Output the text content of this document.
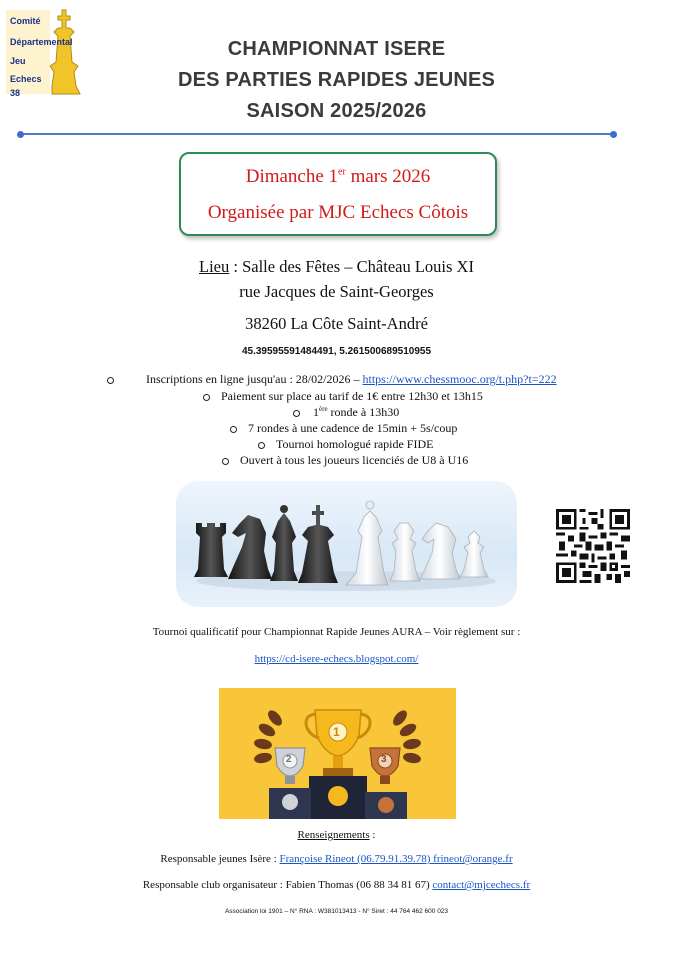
Comité
Départemental
Jeu
Echecs
38
CHAMPIONNAT ISERE
DES PARTIES RAPIDES JEUNES
SAISON 2025/2026
Dimanche 1er mars 2026
Organisée par MJC Echecs Côtois
Lieu : Salle des Fêtes – Château Louis XI
rue Jacques de Saint-Georges
38260 La Côte Saint-André
45.39595591484491, 5.261500689510955
Inscriptions en ligne jusqu'au : 28/02/2026 – https://www.chessmooc.org/t.php?t=222
Paiement sur place au tarif de 1€ entre 12h30 et 13h15
1ère ronde à 13h30
7 rondes à une cadence de 15min + 5s/coup
Tournoi homologué rapide FIDE
Ouvert à tous les joueurs licenciés de U8 à U16
Tournoi qualificatif pour Championnat Rapide Jeunes AURA – Voir règlement sur :
https://cd-isere-echecs.blogspot.com/
1
2	3
Renseignements :
Responsable jeunes Isère : Françoise Rineot (06.79.91.39.78) frineot@orange.fr
Responsable club organisateur : Fabien Thomas (06 88 34 81 67) contact@mjcechecs.fr
Association loi 1901 – N° RNA : W381013413 - N° Siret : 44 764 462 600 023
